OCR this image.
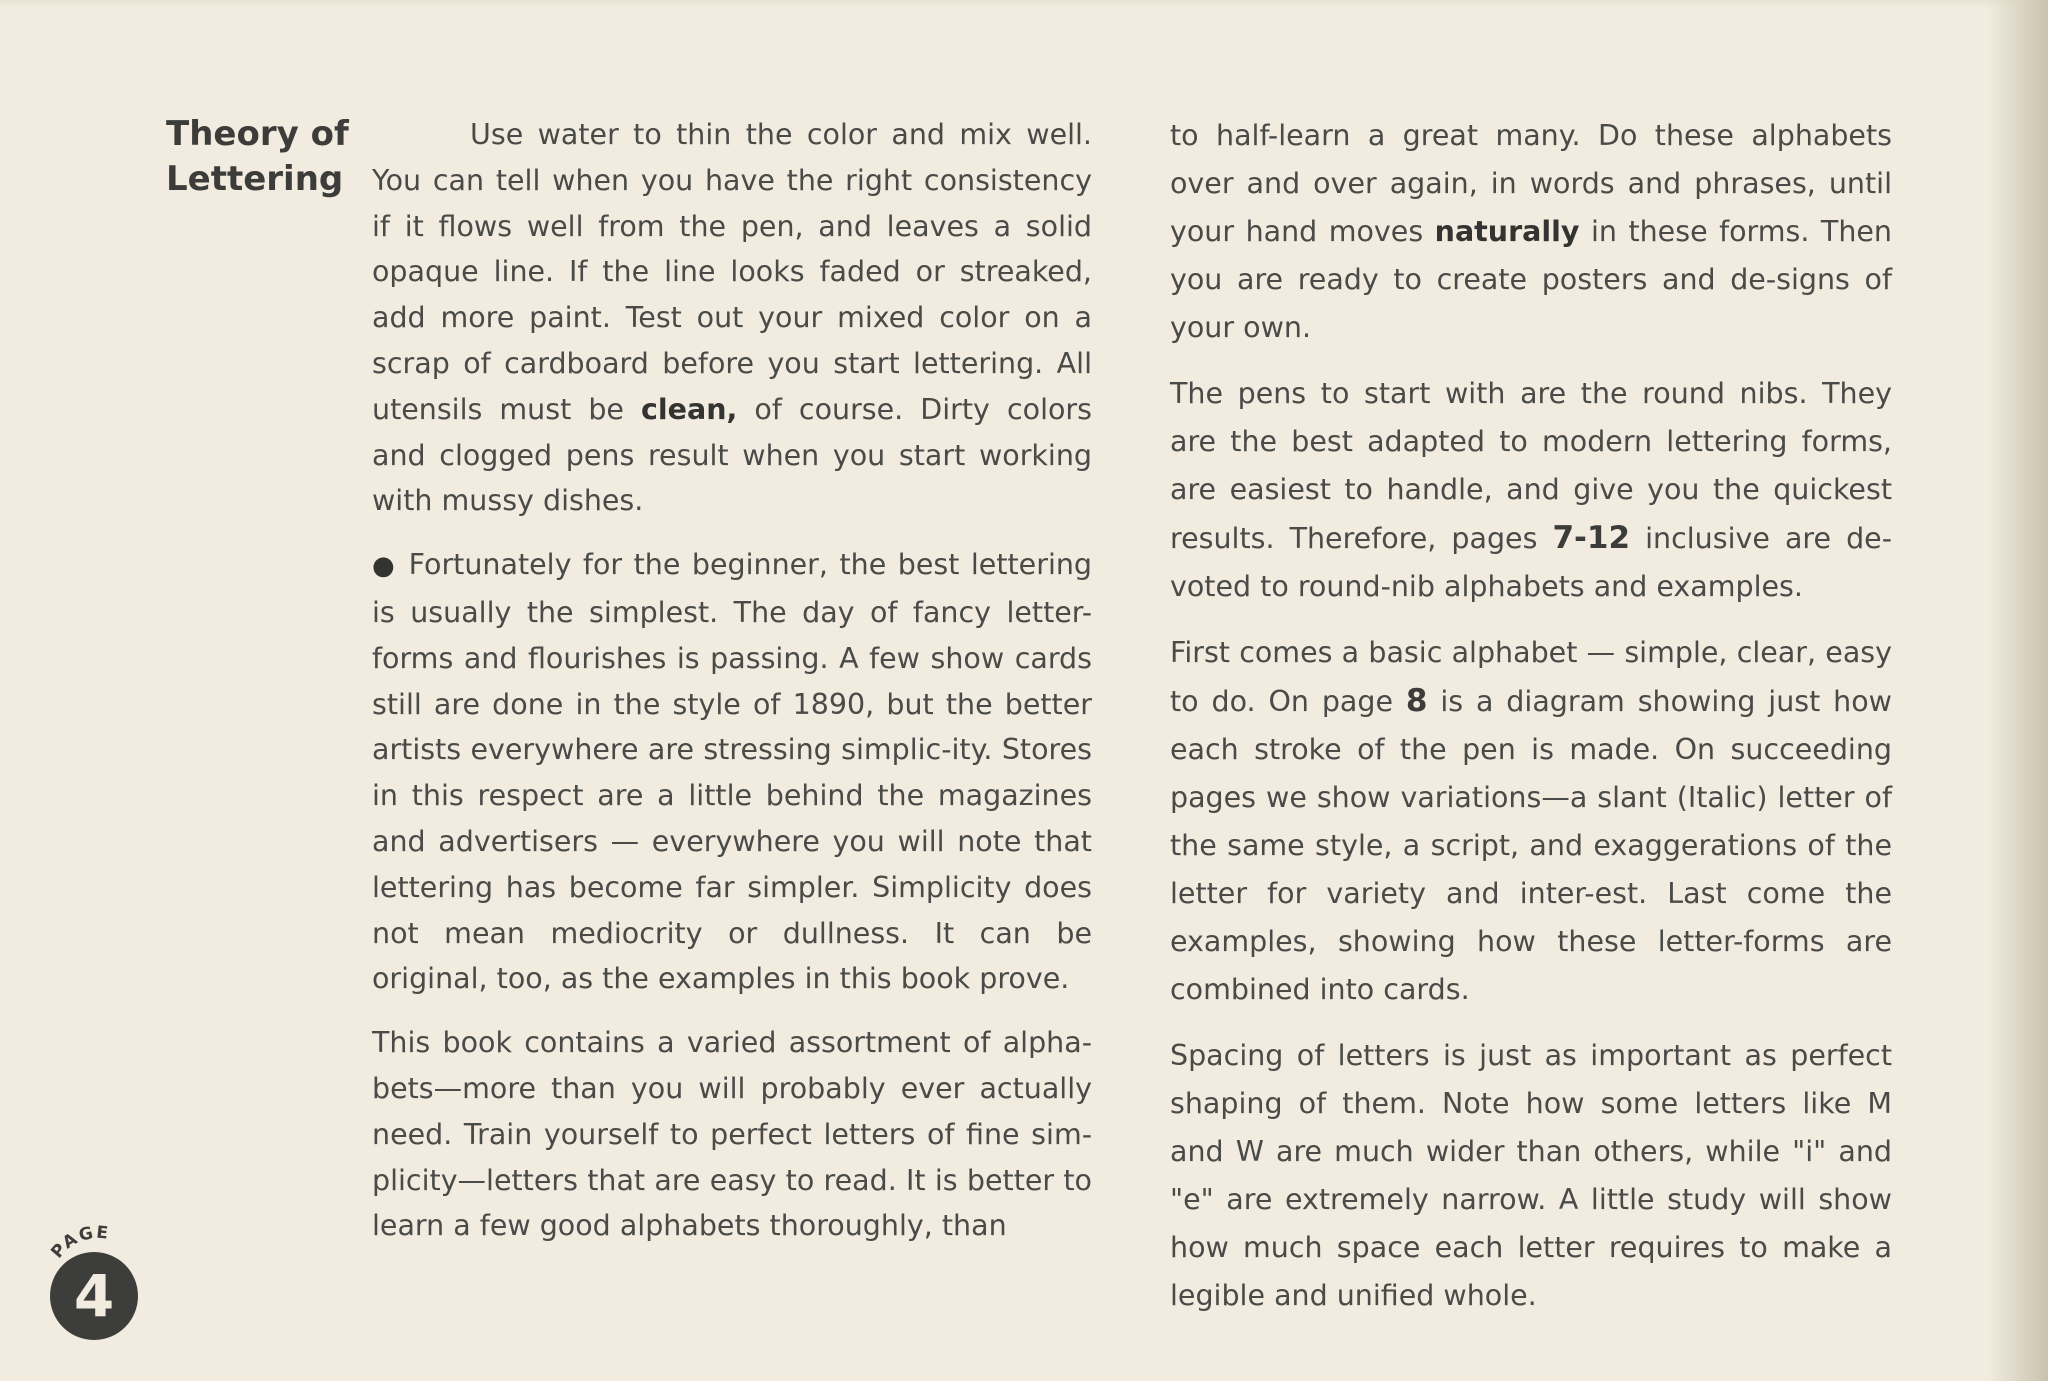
Theory of
Lettering

Use water to thin the color and mix well. You can tell when you have the right consistency if it flows well from the pen, and leaves a solid opaque line. If the line looks faded or streaked, add more paint. Test out your mixed color on a scrap of cardboard before you start lettering. All utensils must be clean, of course. Dirty colors and clogged pens result when you start working with mussy dishes.

● Fortunately for the beginner, the best lettering is usually the simplest. The day of fancy letter-forms and flourishes is passing. A few show cards still are done in the style of 1890, but the better artists everywhere are stressing simplic-ity. Stores in this respect are a little behind the magazines and advertisers — everywhere you will note that lettering has become far simpler. Simplicity does not mean mediocrity or dullness. It can be original, too, as the examples in this book prove.

This book contains a varied assortment of alpha-bets—more than you will probably ever actually need. Train yourself to perfect letters of fine sim-plicity—letters that are easy to read. It is better to learn a few good alphabets thoroughly, than

to half-learn a great many. Do these alphabets over and over again, in words and phrases, until your hand moves naturally in these forms. Then you are ready to create posters and de-signs of your own.

The pens to start with are the round nibs. They are the best adapted to modern lettering forms, are easiest to handle, and give you the quickest results. Therefore, pages 7-12 inclusive are de-voted to round-nib alphabets and examples.

First comes a basic alphabet — simple, clear, easy to do. On page 8 is a diagram showing just how each stroke of the pen is made. On succeeding pages we show variations—a slant (Italic) letter of the same style, a script, and exaggerations of the letter for variety and inter-est. Last come the examples, showing how these letter-forms are combined into cards.

Spacing of letters is just as important as perfect shaping of them. Note how some letters like M and W are much wider than others, while "i" and "e" are extremely narrow. A little study will show how much space each letter requires to make a legible and unified whole.

PAGE
4
